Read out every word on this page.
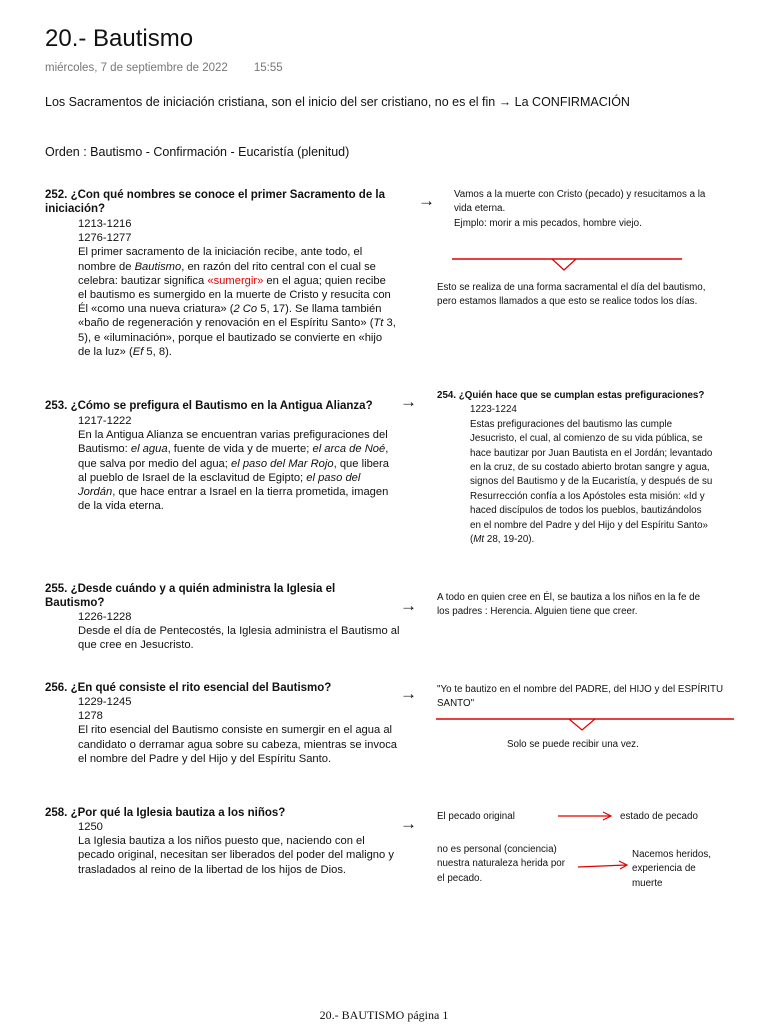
20.- Bautismo
miércoles, 7 de septiembre de 2022 15:55
Los Sacramentos de iniciación cristiana, son el inicio del ser cristiano, no es el fin → La CONFIRMACIÓN
Orden : Bautismo - Confirmación - Eucaristía (plenitud)
252. ¿Con qué nombres se conoce el primer Sacramento de la
iniciación?
1213-1216
1276-1277
El primer sacramento de la iniciación recibe, ante todo, el
nombre de Bautismo, en razón del rito central con el cual se
celebra: bautizar significa «sumergir» en el agua; quien recibe
el bautismo es sumergido en la muerte de Cristo y resucita con
Él «como una nueva criatura» (2 Co 5, 17). Se llama también
«baño de regeneración y renovación en el Espíritu Santo» (Tt 3,
5), e «iluminación», porque el bautizado se convierte en «hijo
de la luz» (Ef 5, 8).
→ Vamos a la muerte con Cristo (pecado) y resucitamos a la
vida eterna.
Ejmplo: morir a mis pecados, hombre viejo.
Esto se realiza de una forma sacramental el día del bautismo,
pero estamos llamados a que esto se realice todos los días.
253. ¿Cómo se prefigura el Bautismo en la Antigua Alianza?
1217-1222
En la Antigua Alianza se encuentran varias prefiguraciones del
Bautismo: el agua, fuente de vida y de muerte; el arca de Noé,
que salva por medio del agua; el paso del Mar Rojo, que libera
al pueblo de Israel de la esclavitud de Egipto; el paso del
Jordán, que hace entrar a Israel en la tierra prometida, imagen
de la vida eterna.
→ 254. ¿Quién hace que se cumplan estas prefiguraciones?
1223-1224
Estas prefiguraciones del bautismo las cumple
Jesucristo, el cual, al comienzo de su vida pública, se
hace bautizar por Juan Bautista en el Jordán; levantado
en la cruz, de su costado abierto brotan sangre y agua,
signos del Bautismo y de la Eucaristía, y después de su
Resurrección confía a los Apóstoles esta misión: «Id y
haced discípulos de todos los pueblos, bautizándolos
en el nombre del Padre y del Hijo y del Espíritu Santo»
(Mt 28, 19-20).
255. ¿Desde cuándo y a quién administra la Iglesia el
Bautismo?
1226-1228
Desde el día de Pentecostés, la Iglesia administra el Bautismo al
que cree en Jesucristo.
→ A todo en quien cree en Él, se bautiza a los niños en la fe de
los padres : Herencia. Alguien tiene que creer.
256. ¿En qué consiste el rito esencial del Bautismo?
1229-1245
1278
El rito esencial del Bautismo consiste en sumergir en el agua al
candidato o derramar agua sobre su cabeza, mientras se invoca
el nombre del Padre y del Hijo y del Espíritu Santo.
→ "Yo te bautizo en el nombre del PADRE, del HIJO y del ESPÍRITU
SANTO"
Solo se puede recibir una vez.
258. ¿Por qué la Iglesia bautiza a los niños?
1250
La Iglesia bautiza a los niños puesto que, naciendo con el
pecado original, necesitan ser liberados del poder del maligno y
trasladados al reino de la libertad de los hijos de Dios.
→ El pecado original	estado de pecado
no es personal (conciencia)
nuestra naturaleza herida por
el pecado.
Nacemos heridos,
experiencia de
muerte
20.- BAUTISMO página 1
